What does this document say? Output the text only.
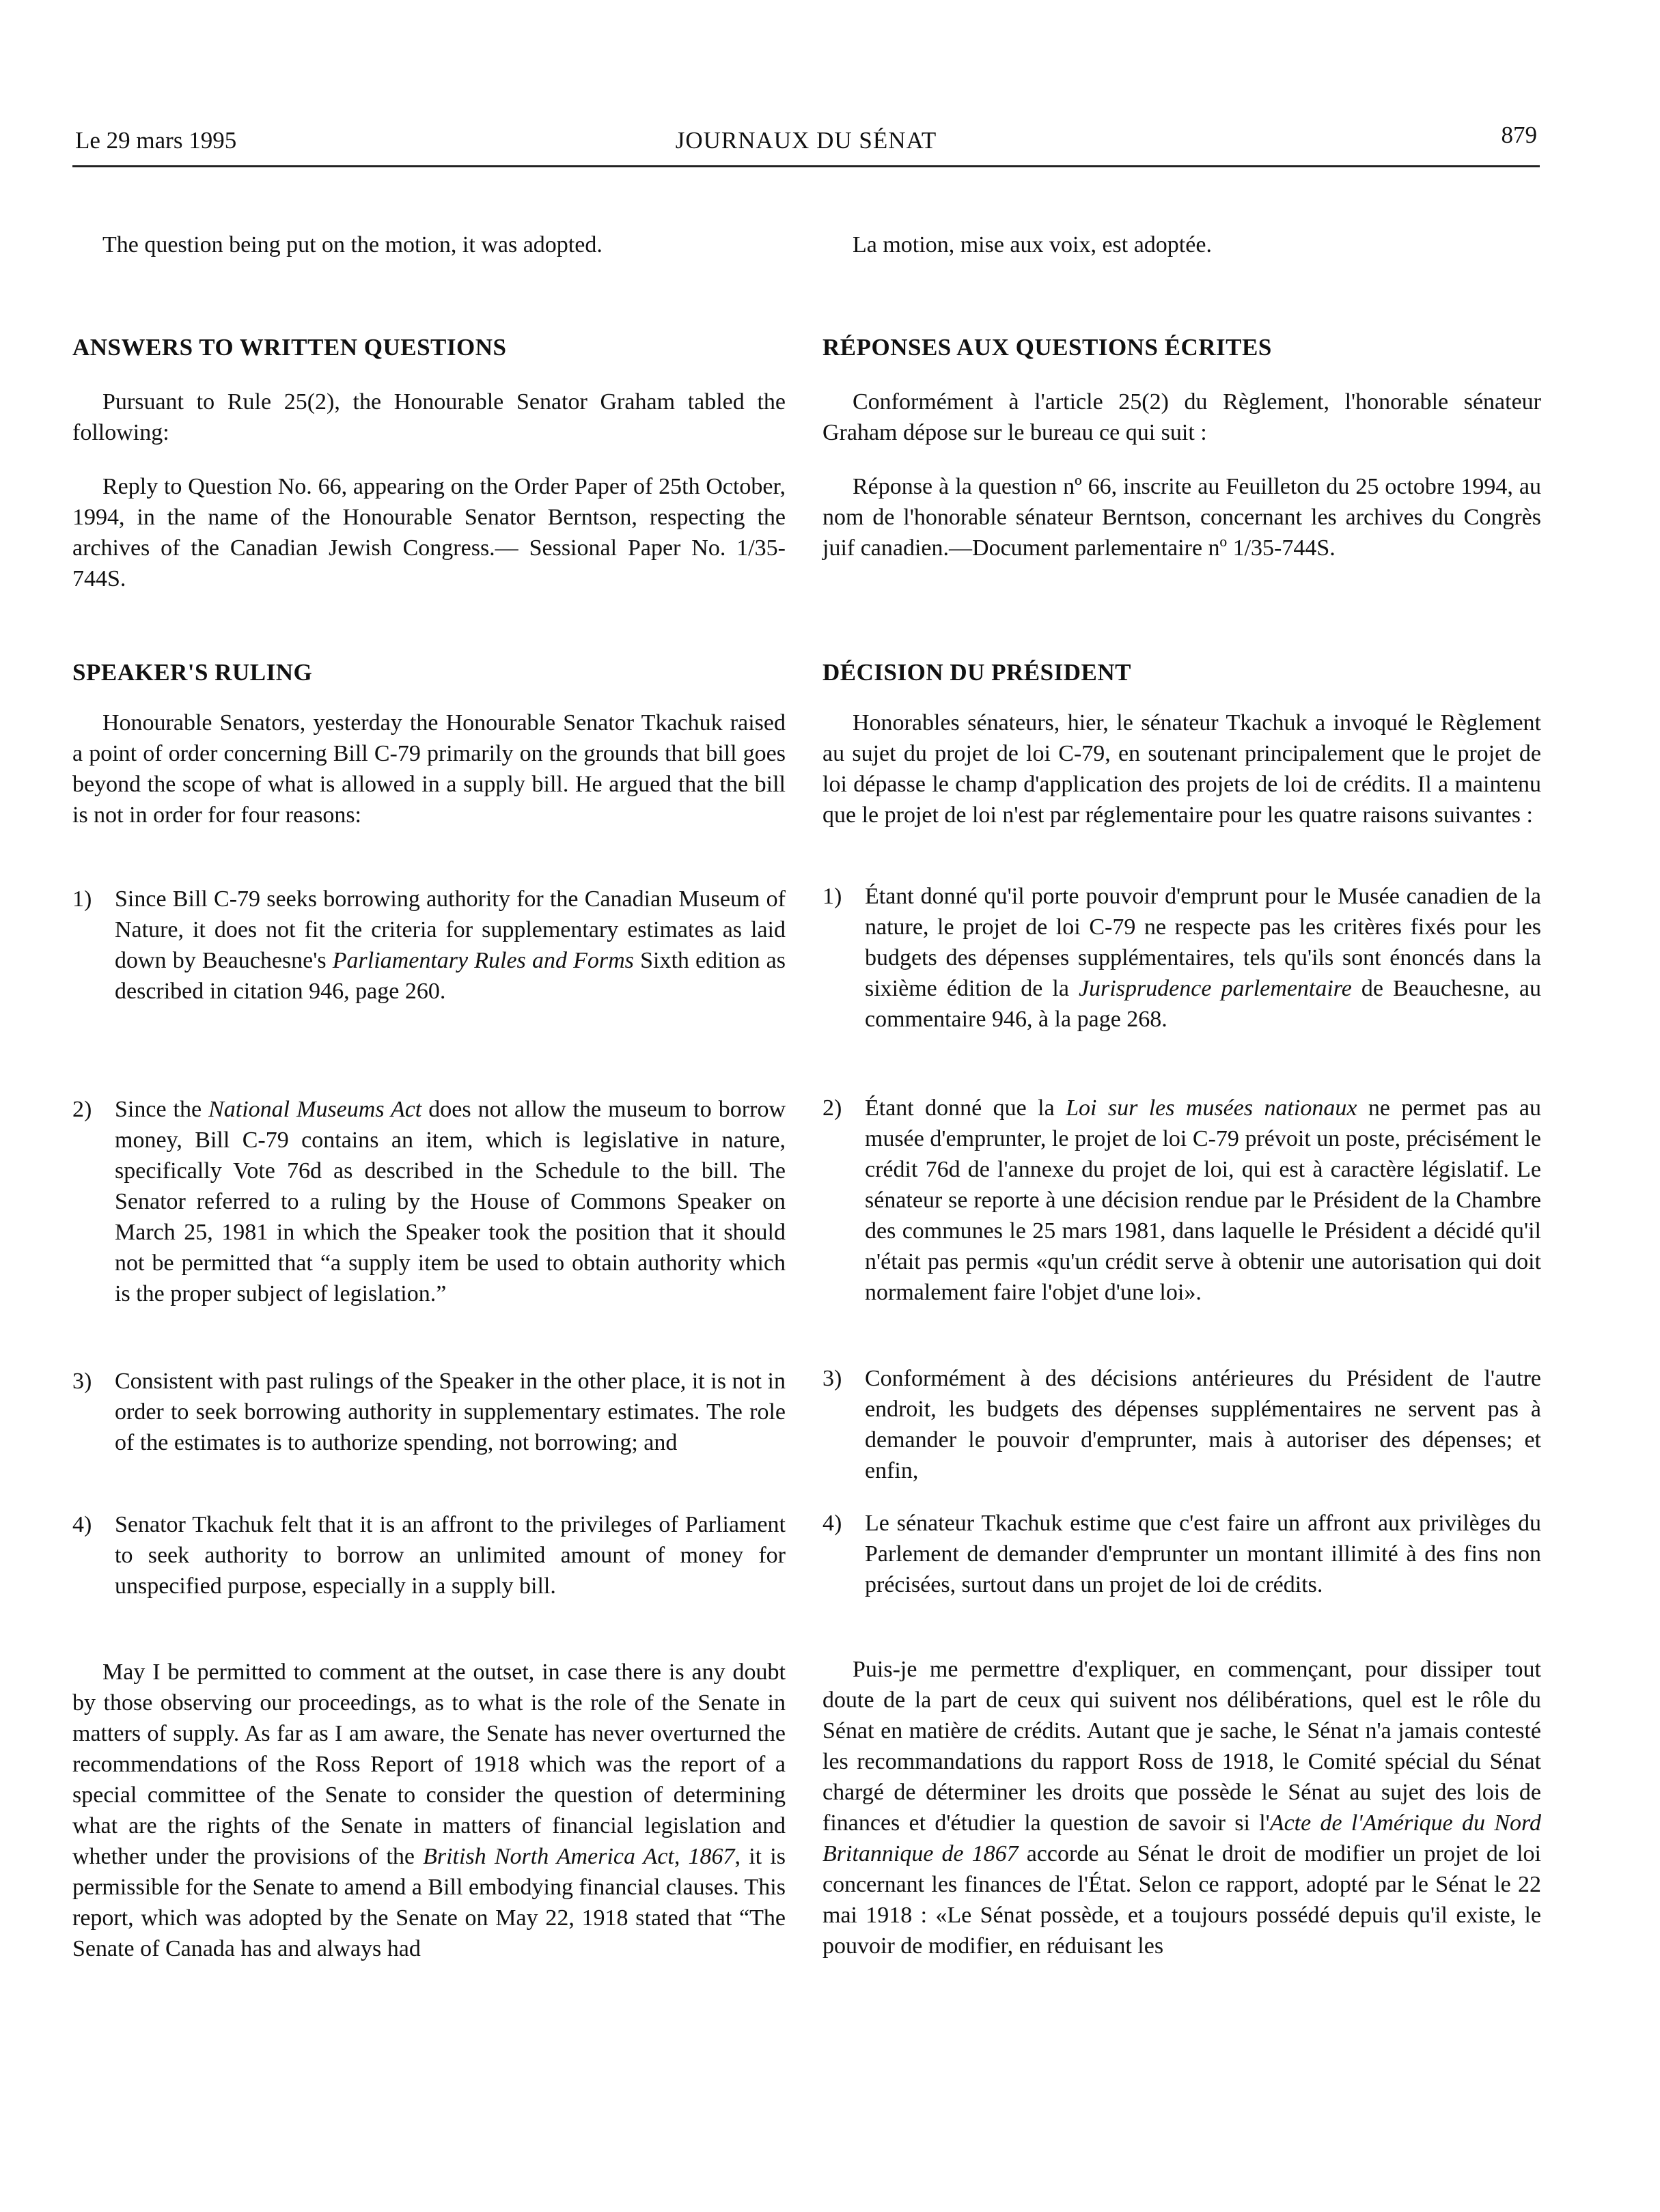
Le 29 mars 1995	JOURNAUX DU SÉNAT	879

The question being put on the motion, it was adopted.

ANSWERS TO WRITTEN QUESTIONS

Pursuant to Rule 25(2), the Honourable Senator Graham tabled the following:

Reply to Question No. 66, appearing on the Order Paper of 25th October, 1994, in the name of the Honourable Senator Berntson, respecting the archives of the Canadian Jewish Congress.— Sessional Paper No. 1/35-744S.

SPEAKER'S RULING

Honourable Senators, yesterday the Honourable Senator Tkachuk raised a point of order concerning Bill C-79 primarily on the grounds that bill goes beyond the scope of what is allowed in a supply bill. He argued that the bill is not in order for four reasons:

1) Since Bill C-79 seeks borrowing authority for the Canadian Museum of Nature, it does not fit the criteria for supplementary estimates as laid down by Beauchesne's Parliamentary Rules and Forms Sixth edition as described in citation 946, page 260.
2) Since the National Museums Act does not allow the museum to borrow money, Bill C-79 contains an item, which is legislative in nature, specifically Vote 76d as described in the Schedule to the bill. The Senator referred to a ruling by the House of Commons Speaker on March 25, 1981 in which the Speaker took the position that it should not be permitted that “a supply item be used to obtain authority which is the proper subject of legislation.”
3) Consistent with past rulings of the Speaker in the other place, it is not in order to seek borrowing authority in supplementary estimates. The role of the estimates is to authorize spending, not borrowing; and
4) Senator Tkachuk felt that it is an affront to the privileges of Parliament to seek authority to borrow an unlimited amount of money for unspecified purpose, especially in a supply bill.

May I be permitted to comment at the outset, in case there is any doubt by those observing our proceedings, as to what is the role of the Senate in matters of supply. As far as I am aware, the Senate has never overturned the recommendations of the Ross Report of 1918 which was the report of a special committee of the Senate to consider the question of determining what are the rights of the Senate in matters of financial legislation and whether under the provisions of the British North America Act, 1867, it is permissible for the Senate to amend a Bill embodying financial clauses. This report, which was adopted by the Senate on May 22, 1918 stated that “The Senate of Canada has and always had

La motion, mise aux voix, est adoptée.

RÉPONSES AUX QUESTIONS ÉCRITES

Conformément à l'article 25(2) du Règlement, l'honorable sénateur Graham dépose sur le bureau ce qui suit :

Réponse à la question nº 66, inscrite au Feuilleton du 25 octobre 1994, au nom de l'honorable sénateur Berntson, concernant les archives du Congrès juif canadien.—Document parlementaire nº 1/35-744S.

DÉCISION DU PRÉSIDENT

Honorables sénateurs, hier, le sénateur Tkachuk a invoqué le Règlement au sujet du projet de loi C-79, en soutenant principalement que le projet de loi dépasse le champ d'application des projets de loi de crédits. Il a maintenu que le projet de loi n'est par réglementaire pour les quatre raisons suivantes :

1) Étant donné qu'il porte pouvoir d'emprunt pour le Musée canadien de la nature, le projet de loi C-79 ne respecte pas les critères fixés pour les budgets des dépenses supplémentaires, tels qu'ils sont énoncés dans la sixième édition de la Jurisprudence parlementaire de Beauchesne, au commentaire 946, à la page 268.
2) Étant donné que la Loi sur les musées nationaux ne permet pas au musée d'emprunter, le projet de loi C-79 prévoit un poste, précisément le crédit 76d de l'annexe du projet de loi, qui est à caractère législatif. Le sénateur se reporte à une décision rendue par le Président de la Chambre des communes le 25 mars 1981, dans laquelle le Président a décidé qu'il n'était pas permis «qu'un crédit serve à obtenir une autorisation qui doit normalement faire l'objet d'une loi».
3) Conformément à des décisions antérieures du Président de l'autre endroit, les budgets des dépenses supplémentaires ne servent pas à demander le pouvoir d'emprunter, mais à autoriser des dépenses; et enfin,
4) Le sénateur Tkachuk estime que c'est faire un affront aux privilèges du Parlement de demander d'emprunter un montant illimité à des fins non précisées, surtout dans un projet de loi de crédits.

Puis-je me permettre d'expliquer, en commençant, pour dissiper tout doute de la part de ceux qui suivent nos délibérations, quel est le rôle du Sénat en matière de crédits. Autant que je sache, le Sénat n'a jamais contesté les recommandations du rapport Ross de 1918, le Comité spécial du Sénat chargé de déterminer les droits que possède le Sénat au sujet des lois de finances et d'étudier la question de savoir si l'Acte de l'Amérique du Nord Britannique de 1867 accorde au Sénat le droit de modifier un projet de loi concernant les finances de l'État. Selon ce rapport, adopté par le Sénat le 22 mai 1918 : «Le Sénat possède, et a toujours possédé depuis qu'il existe, le pouvoir de modifier, en réduisant les
